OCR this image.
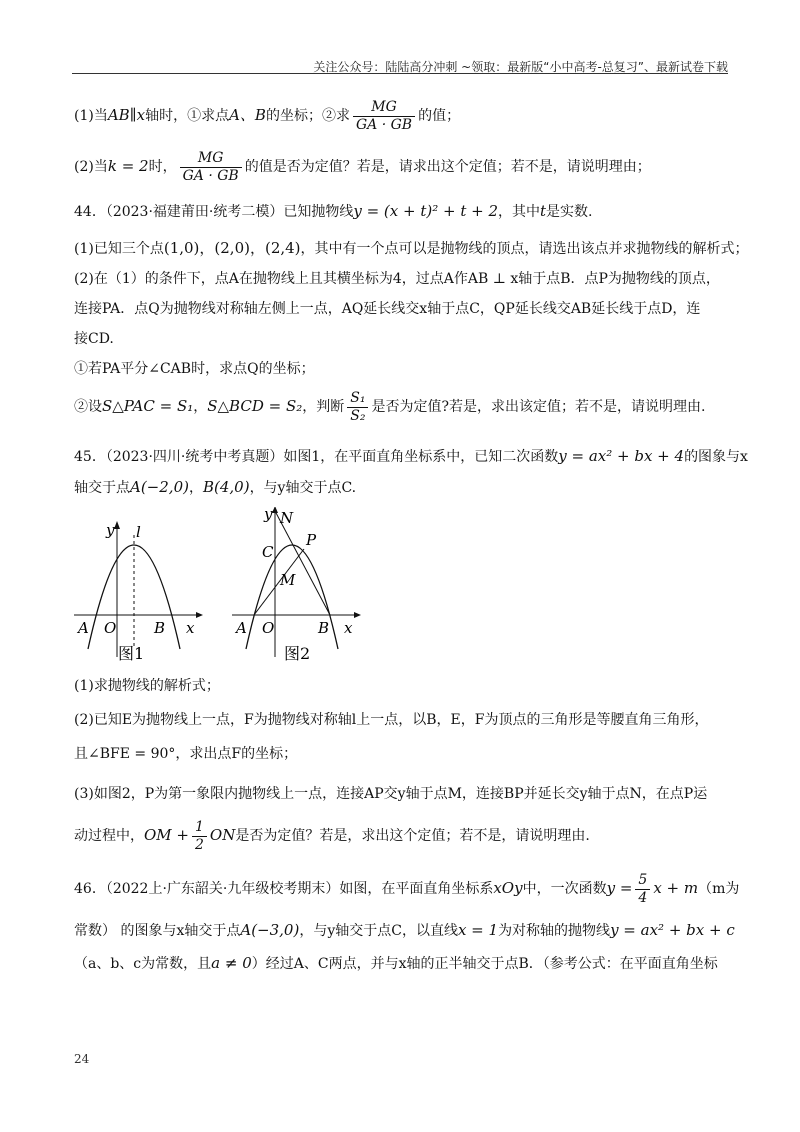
关注公众号：陆陆高分冲刺 ~领取：最新版“小中高考-总复习”、最新试卷下载
(1)当AB∥x轴时，①求点A、B的坐标；②求 $\frac{MG}{GA \cdot GB}$ 的值；
(2)当k = 2时， $\frac{MG}{GA \cdot GB}$ 的值是否为定值？若是，请求出这个定值；若不是，请说明理由；
44．（2023·福建莆田·统考二模）已知抛物线y = (x + t)² + t + 2，其中t是实数.
(1)已知三个点(1,0)，(2,0)，(2,4)，其中有一个点可以是抛物线的顶点，请选出该点并求抛物线的解析式；
(2)在（1）的条件下，点A在抛物线上且其横坐标为4，过点A作AB ⊥ x轴于点B．点P为抛物线的顶点，
连接PA．点Q为抛物线对称轴左侧上一点，AQ延长线交x轴于点C，QP延长线交AB延长线于点D，连
接CD.
①若PA平分∠CAB时，求点Q的坐标；
②设S△PAC = S₁，S△BCD = S₂，判断 $\frac{\text{S₁}}{\text{S₂}}$ 是否为定值?若是，求出该定值；若不是，请说明理由.
45．（2023·四川·统考中考真题）如图1，在平面直角坐标系中，已知二次函数y = ax² + bx + 4的图象与x
轴交于点A(−2,0)，B(4,0)，与y轴交于点C.
y l
A O	B x
图1
y N
C
P
M
A O	B x
图2
(1)求抛物线的解析式；
(2)已知E为抛物线上一点，F为抛物线对称轴l上一点，以B，E，F为顶点的三角形是等腰直角三角形，
且∠BFE = 90°，求出点F的坐标；
(3)如图2，P为第一象限内抛物线上一点，连接AP交y轴于点M，连接BP并延长交y轴于点N，在点P运
动过程中，OM + $\frac{1}{2}$ ON是否为定值？若是，求出这个定值；若不是，请说明理由.
46．（2022上·广东韶关·九年级校考期末）如图，在平面直角坐标系xOy中，一次函数$y = \frac{5}{4}$ x + m（m为
常数） 的图象与x轴交于点A(−3,0)，与y轴交于点C，以直线x = 1为对称轴的抛物线y = ax² + bx + c
（a、b、c为常数，且a ≠ 0）经过A、C两点，并与x轴的正半轴交于点B．（参考公式：在平面直角坐标
24
